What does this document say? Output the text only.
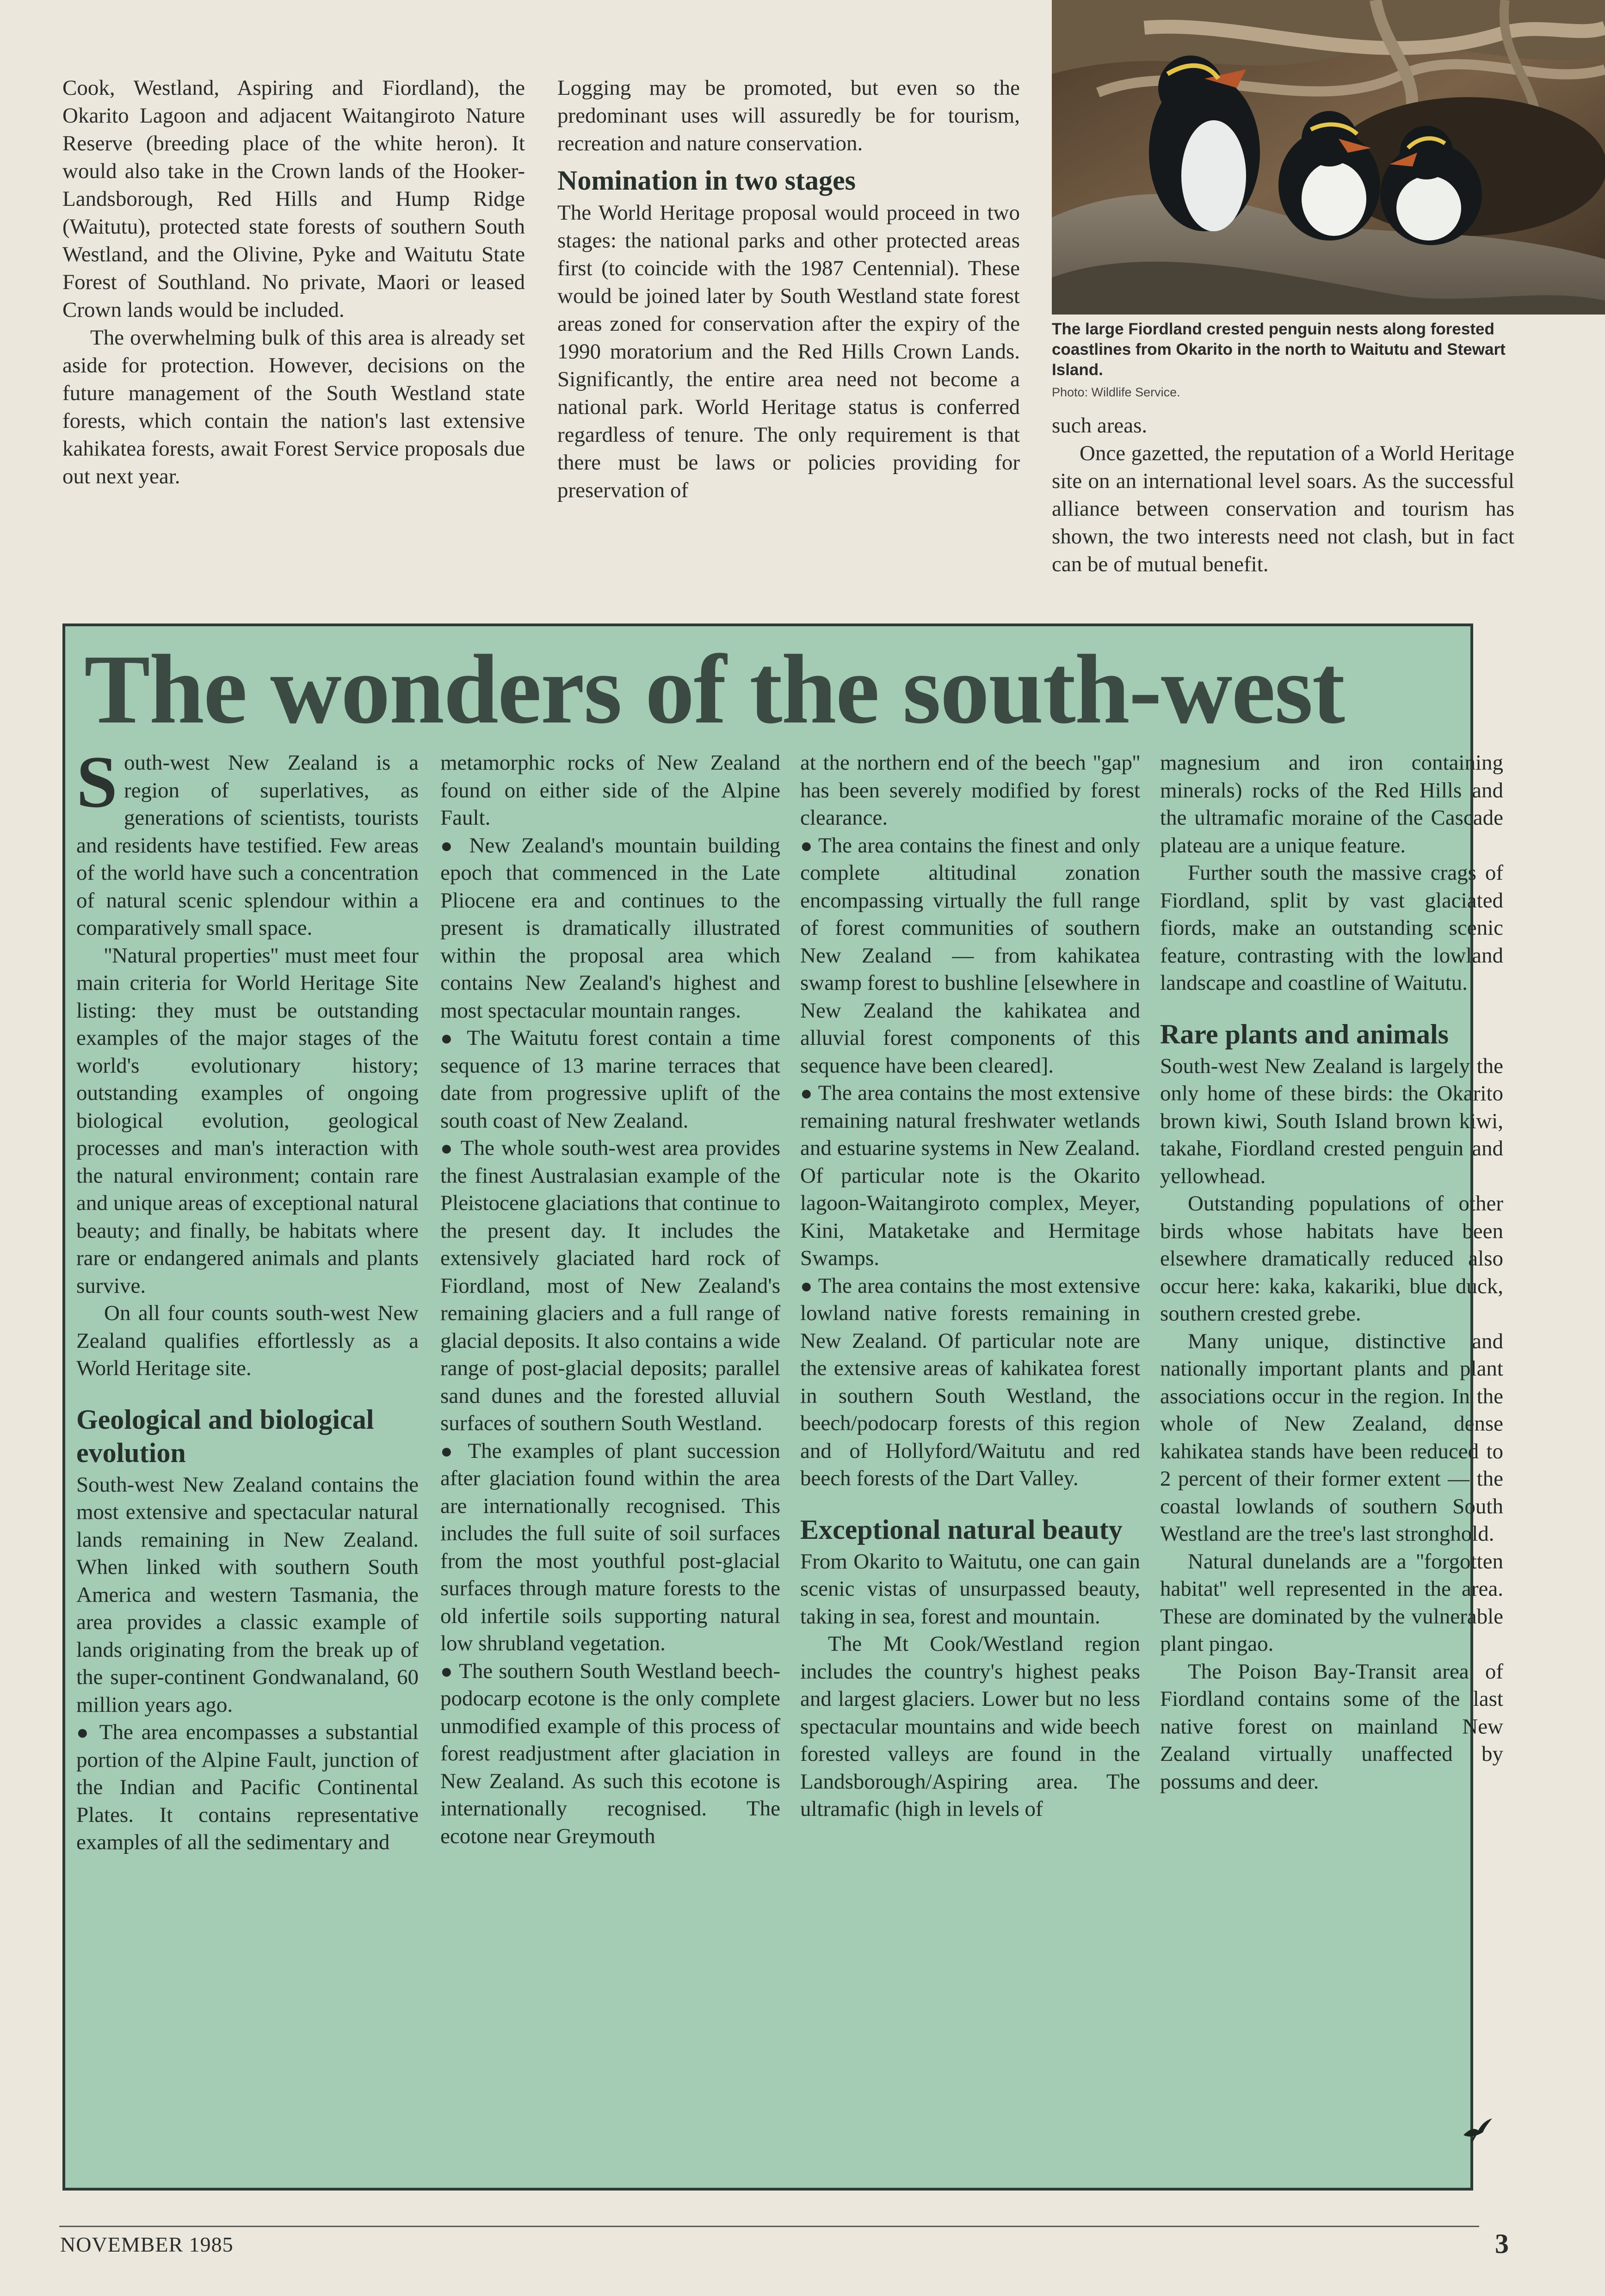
Cook, Westland, Aspiring and Fiordland), the Okarito Lagoon and adjacent Waitangiroto Nature Reserve (breeding place of the white heron). It would also take in the Crown lands of the Hooker-Landsborough, Red Hills and Hump Ridge (Waitutu), protected state forests of southern South Westland, and the Olivine, Pyke and Waitutu State Forest of Southland. No private, Maori or leased Crown lands would be included.

The overwhelming bulk of this area is already set aside for protection. However, decisions on the future management of the South Westland state forests, which contain the nation's last extensive kahikatea forests, await Forest Service proposals due out next year.

Logging may be promoted, but even so the predominant uses will assuredly be for tourism, recreation and nature conservation.

Nomination in two stages

The World Heritage proposal would proceed in two stages: the national parks and other protected areas first (to coincide with the 1987 Centennial). These would be joined later by South Westland state forest areas zoned for conservation after the expiry of the 1990 moratorium and the Red Hills Crown Lands. Significantly, the entire area need not become a national park. World Heritage status is conferred regardless of tenure. The only requirement is that there must be laws or policies providing for preservation of

The large Fiordland crested penguin nests along forested coastlines from Okarito in the north to Waitutu and Stewart Island.
Photo: Wildlife Service.

such areas.

Once gazetted, the reputation of a World Heritage site on an international level soars. As the successful alliance between conservation and tourism has shown, the two interests need not clash, but in fact can be of mutual benefit.

The wonders of the south-west

South-west New Zealand is a region of superlatives, as generations of scientists, tourists and residents have testified. Few areas of the world have such a concentration of natural scenic splendour within a comparatively small space.

''Natural properties'' must meet four main criteria for World Heritage Site listing: they must be outstanding examples of the major stages of the world's evolutionary history; outstanding examples of ongoing biological evolution, geological processes and man's interaction with the natural environment; contain rare and unique areas of exceptional natural beauty; and finally, be habitats where rare or endangered animals and plants survive.

On all four counts south-west New Zealand qualifies effortlessly as a World Heritage site.

Geological and biological evolution

South-west New Zealand contains the most extensive and spectacular natural lands remaining in New Zealand. When linked with southern South America and western Tasmania, the area provides a classic example of lands originating from the break up of the super-continent Gondwanaland, 60 million years ago.

● The area encompasses a substantial portion of the Alpine Fault, junction of the Indian and Pacific Continental Plates. It contains representative examples of all the sedimentary and

metamorphic rocks of New Zealand found on either side of the Alpine Fault.

● New Zealand's mountain building epoch that commenced in the Late Pliocene era and continues to the present is dramatically illustrated within the proposal area which contains New Zealand's highest and most spectacular mountain ranges.

● The Waitutu forest contain a time sequence of 13 marine terraces that date from progressive uplift of the south coast of New Zealand.

● The whole south-west area provides the finest Australasian example of the Pleistocene glaciations that continue to the present day. It includes the extensively glaciated hard rock of Fiordland, most of New Zealand's remaining glaciers and a full range of glacial deposits. It also contains a wide range of post-glacial deposits; parallel sand dunes and the forested alluvial surfaces of southern South Westland.

● The examples of plant succession after glaciation found within the area are internationally recognised. This includes the full suite of soil surfaces from the most youthful post-glacial surfaces through mature forests to the old infertile soils supporting natural low shrubland vegetation.

● The southern South Westland beech-podocarp ecotone is the only complete unmodified example of this process of forest readjustment after glaciation in New Zealand. As such this ecotone is internationally recognised. The ecotone near Greymouth

at the northern end of the beech ''gap'' has been severely modified by forest clearance.

● The area contains the finest and only complete altitudinal zonation encompassing virtually the full range of forest communities of southern New Zealand — from kahikatea swamp forest to bushline [elsewhere in New Zealand the kahikatea and alluvial forest components of this sequence have been cleared].

● The area contains the most extensive remaining natural freshwater wetlands and estuarine systems in New Zealand. Of particular note is the Okarito lagoon-Waitangiroto complex, Meyer, Kini, Mataketake and Hermitage Swamps.

● The area contains the most extensive lowland native forests remaining in New Zealand. Of particular note are the extensive areas of kahikatea forest in southern South Westland, the beech/podocarp forests of this region and of Hollyford/Waitutu and red beech forests of the Dart Valley.

Exceptional natural beauty

From Okarito to Waitutu, one can gain scenic vistas of unsurpassed beauty, taking in sea, forest and mountain.

The Mt Cook/Westland region includes the country's highest peaks and largest glaciers. Lower but no less spectacular mountains and wide beech forested valleys are found in the Landsborough/Aspiring area. The ultramafic (high in levels of

magnesium and iron containing minerals) rocks of the Red Hills and the ultramafic moraine of the Cascade plateau are a unique feature.

Further south the massive crags of Fiordland, split by vast glaciated fiords, make an outstanding scenic feature, contrasting with the lowland landscape and coastline of Waitutu.

Rare plants and animals

South-west New Zealand is largely the only home of these birds: the Okarito brown kiwi, South Island brown kiwi, takahe, Fiordland crested penguin and yellowhead.

Outstanding populations of other birds whose habitats have been elsewhere dramatically reduced also occur here: kaka, kakariki, blue duck, southern crested grebe.

Many unique, distinctive and nationally important plants and plant associations occur in the region. In the whole of New Zealand, dense kahikatea stands have been reduced to 2 percent of their former extent — the coastal lowlands of southern South Westland are the tree's last stronghold.

Natural dunelands are a ''forgotten habitat'' well represented in the area. These are dominated by the vulnerable plant pingao.

The Poison Bay-Transit area of Fiordland contains some of the last native forest on mainland New Zealand virtually unaffected by possums and deer.

NOVEMBER 1985	3
